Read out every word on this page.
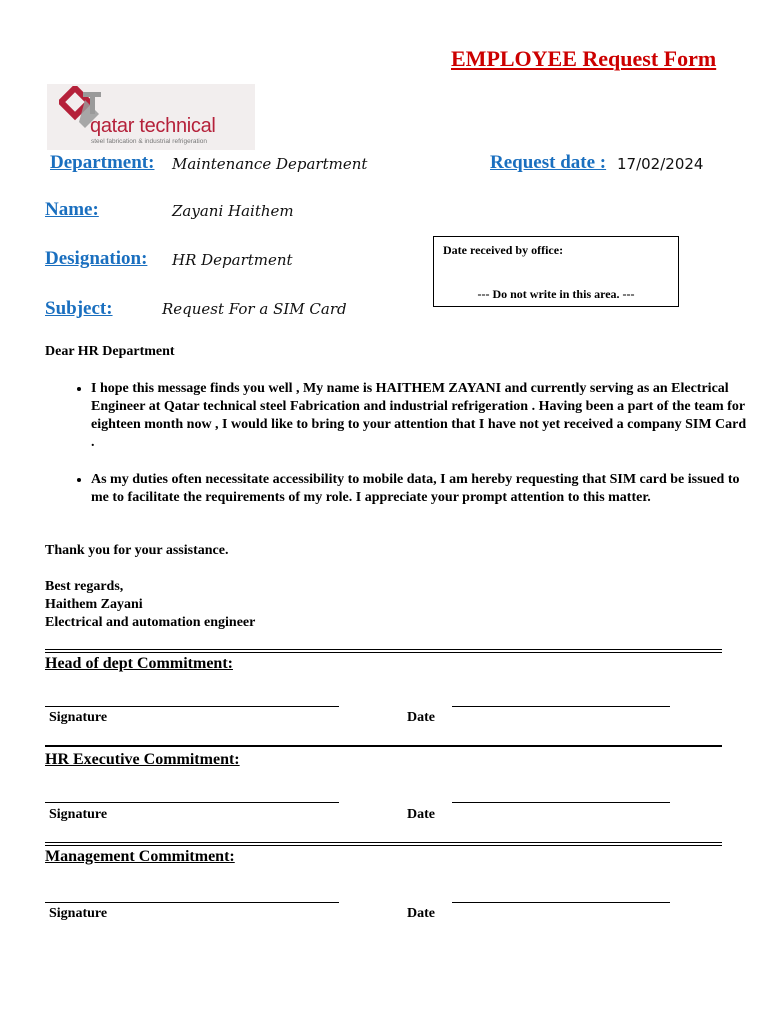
EMPLOYEE Request Form
qatar technical
steel fabrication & industrial refrigeration
Department: Maintenance Department	Request date : 17/02/2024
Name:	Zayani Haithem
Designation: HR Department
Date received by office:
--- Do not write in this area. ---
Subject:	Request For a SIM Card
Dear HR Department
• I hope this message finds you well , My name is HAITHEM ZAYANI and currently serving as an Electrical Engineer at Qatar technical steel Fabrication and industrial refrigeration . Having been a part of the team for eighteen month now , I would like to bring to your attention that I have not yet received a company SIM Card .
• As my duties often necessitate accessibility to mobile data, I am hereby requesting that SIM card be issued to me to facilitate the requirements of my role. I appreciate your prompt attention to this matter.
Thank you for your assistance.
Best regards,
Haithem Zayani
Electrical and automation engineer
Head of dept Commitment:
Signature	Date
HR Executive Commitment:
Signature	Date
Management Commitment:
Signature	Date
